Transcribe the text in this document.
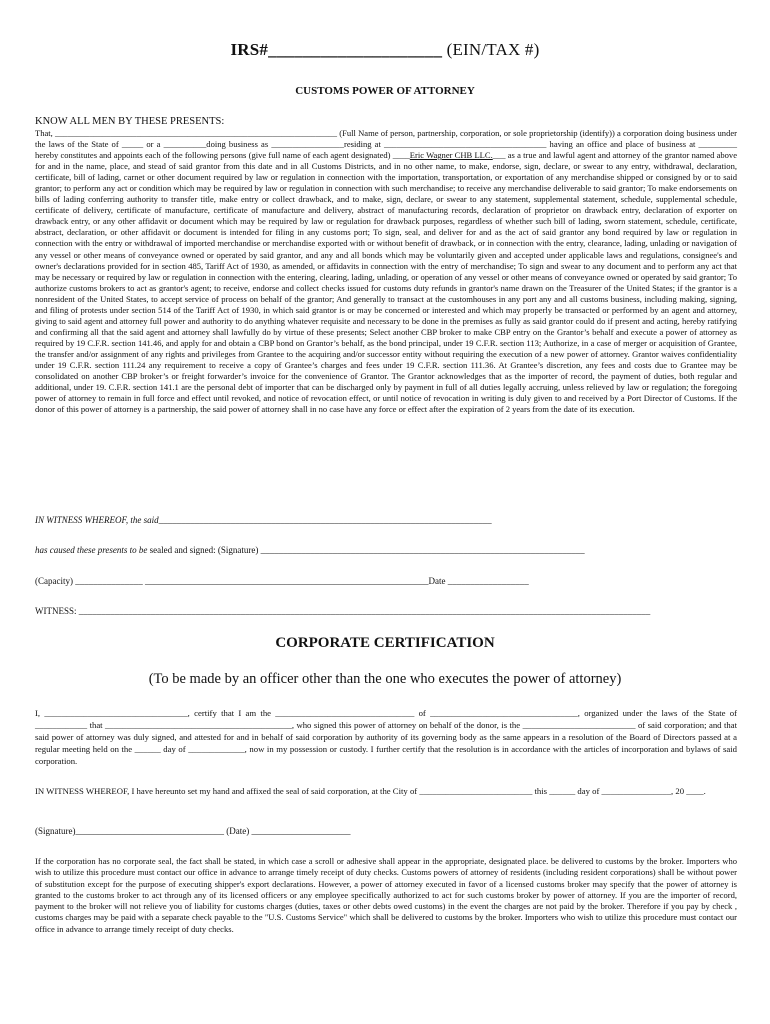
IRS#____________________ (EIN/TAX #)
CUSTOMS POWER OF ATTORNEY
KNOW ALL MEN BY THESE PRESENTS:

That, __________________________________________________________________ (Full Name of person, partnership, corporation, or sole proprietorship (identify)) a corporation doing business under the laws of the State of _____ or a __________doing business as _________________residing at ______________________________________ having an office and place of business at _________ hereby constitutes and appoints each of the following persons (give full name of each agent designated) ____Eric Wagner CHB LLC.___ as a true and lawful agent and attorney of the grantor named above for and in the name, place, and stead of said grantor from this date and in all Customs Districts, and in no other name, to make, endorse, sign, declare, or swear to any entry, withdrawal, declaration, certificate, bill of lading, carnet or other document required by law or regulation in connection with the importation, transportation, or exportation of any merchandise shipped or consigned by or to said grantor; to perform any act or condition which may be required by law or regulation in connection with such merchandise; to receive any merchandise deliverable to said grantor; To make endorsements on bills of lading conferring authority to transfer title, make entry or collect drawback, and to make, sign, declare, or swear to any statement, supplemental statement, schedule, supplemental schedule, certificate of delivery, certificate of manufacture, certificate of manufacture and delivery, abstract of manufacturing records, declaration of proprietor on drawback entry, declaration of exporter on drawback entry, or any other affidavit or document which may be required by law or regulation for drawback purposes, regardless of whether such bill of lading, sworn statement, schedule, certificate, abstract, declaration, or other affidavit or document is intended for filing in any customs port; To sign, seal, and deliver for and as the act of said grantor any bond required by law or regulation in connection with the entry or withdrawal of imported merchandise or merchandise exported with or without benefit of drawback, or in connection with the entry, clearance, lading, unlading or navigation of any vessel or other means of conveyance owned or operated by said grantor, and any and all bonds which may be voluntarily given and accepted under applicable laws and regulations, consignee's and owner's declarations provided for in section 485, Tariff Act of 1930, as amended, or affidavits in connection with the entry of merchandise; To sign and swear to any document and to perform any act that may be necessary or required by law or regulation in connection with the entering, clearing, lading, unlading, or operation of any vessel or other means of conveyance owned or operated by said grantor; To authorize customs brokers to act as grantor's agent; to receive, endorse and collect checks issued for customs duty refunds in grantor's name drawn on the Treasurer of the United States; if the grantor is a nonresident of the United States, to accept service of process on behalf of the grantor; And generally to transact at the customhouses in any port any and all customs business, including making, signing, and filing of protests under section 514 of the Tariff Act of 1930, in which said grantor is or may be concerned or interested and which may properly be transacted or performed by an agent and attorney, giving to said agent and attorney full power and authority to do anything whatever requisite and necessary to be done in the premises as fully as said grantor could do if present and acting, hereby ratifying and confirming all that the said agent and attorney shall lawfully do by virtue of these presents; Select another CBP broker to make CBP entry on the Grantor’s behalf and execute a power of attorney as required by 19 C.F.R. section 141.46, and apply for and obtain a CBP bond on Grantor’s behalf, as the bond principal, under 19 C.F.R. section 113; Authorize, in a case of merger or acquisition of Grantee, the transfer and/or assignment of any rights and privileges from Grantee to the acquiring and/or successor entity without requiring the execution of a new power of attorney. Grantor waives confidentiality under 19 C.F.R. section 111.24 any requirement to receive a copy of Grantee’s charges and fees under 19 C.F.R. section 111.36. At Grantee’s discretion, any fees and costs due to Grantee may be consolidated on another CBP broker’s or freight forwarder’s invoice for the convenience of Grantor. The Grantor acknowledges that as the importer of record, the payment of duties, both regular and additional, under 19. C.F.R. section 141.1 are the personal debt of importer that can be discharged only by payment in full of all duties legally accruing, unless relieved by law or regulation; the foregoing power of attorney to remain in full force and effect until revoked, and notice of revocation effect, or until notice of revocation in writing is duly given to and received by a Port Director of Customs. If the donor of this power of attorney is a partnership, the said power of attorney shall in no case have any force or effect after the expiration of 2 years from the date of its execution.

IN WITNESS WHEREOF, the said__________________________________________________________________________
has caused these presents to be sealed and signed: (Signature) ________________________________________________________________________
(Capacity) _______________ _______________________________________________________________Date __________________
WITNESS: _______________________________________________________________________________________________________________________________
CORPORATE CERTIFICATION
(To be made by an officer other than the one who executes the power of attorney)

I, _________________________________, certify that I am the ________________________________ of __________________________________, organized under the laws of the State of ____________ that ___________________________________________, who signed this power of attorney on behalf of the donor, is the __________________________ of said corporation; and that said power of attorney was duly signed, and attested for and in behalf of said corporation by authority of its governing body as the same appears in a resolution of the Board of Directors passed at a regular meeting held on the ______ day of _____________, now in my possession or custody. I further certify that the resolution is in accordance with the articles of incorporation and bylaws of said corporation.

IN WITNESS WHEREOF, I have hereunto set my hand and affixed the seal of said corporation, at the City of __________________________ this ______ day of ________________, 20 ____.

(Signature)_________________________________ (Date) ______________________

If the corporation has no corporate seal, the fact shall be stated, in which case a scroll or adhesive shall appear in the appropriate, designated place. be delivered to customs by the broker. Importers who wish to utilize this procedure must contact our office in advance to arrange timely receipt of duty checks. Customs powers of attorney of residents (including resident corporations) shall be without power of substitution except for the purpose of executing shipper's export declarations. However, a power of attorney executed in favor of a licensed customs broker may specify that the power of attorney is granted to the customs broker to act through any of its licensed officers or any employee specifically authorized to act for such customs broker by power of attorney. If you are the importer of record, payment to the broker will not relieve you of liability for customs charges (duties, taxes or other debts owed customs) in the event the charges are not paid by the broker. Therefore if you pay by check , customs charges may be paid with a separate check payable to the "U.S. Customs Service" which shall be delivered to customs by the broker. Importers who wish to utilize this procedure must contact our office in advance to arrange timely receipt of duty checks.
